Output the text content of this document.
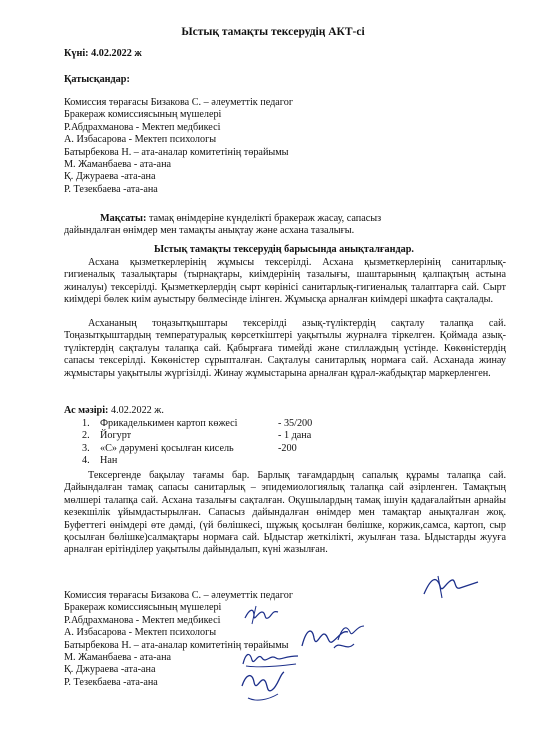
Ыстық тамақты тексерудің АКТ-сі
Күні: 4.02.2022 ж
Қатысқандар:
Комиссия төрағасы Бизакова С. – әлеуметтік педагог
Бракераж комиссиясының мүшелері
Р.Абдрахманова - Мектеп медбикесі
А. Избасарова - Мектеп психологы
Батырбекова Н. – ата-аналар комитетінің төрайымы
М. Жаманбаева - ата-ана
Қ. Джураева -ата-ана
Р. Тезекбаева -ата-ана
Мақсаты: тамақ өнімдеріне күнделікті бракераж жасау, сапасыз
дайындалған өнімдер мен тамақты анықтау және асхана тазалығы.
Ыстық тамақты тексерудің барысында анықталғандар.
Асхана қызметкерлерінің жұмысы тексерілді. Асхана қызметкерлерінің санитарлық-гигиеналық тазалықтары (тырнақтары, киімдерінің тазалығы, шаштарының қалпақтың астына жиналуы) тексерілді. Қызметкерлердің сырт көрінісі санитарлық-гигиеналық талаптарға сай. Сырт киімдері бөлек киім ауыстыру бөлмесінде ілінген. Жұмысқа арналған киімдері шкафта сақталады.
Асхананың тоңазытқыштары тексерілді азық-түліктердің сақталу талапқа сай. Тоңазытқыштардың температуралық көрсеткіштері уақытылы журналға тіркелген. Қоймада азық-түліктердің сақталуы талапқа сай. Қабырғаға тимейді және стиллаждың үстінде. Көкөністердің сапасы тексерілді. Көкөністер сұрыпталған. Сақталуы санитарлық нормаға сай. Асханада жинау жұмыстары уақытылы жүргізілді. Жинау жұмыстарына арналған құрал-жабдықтар маркерленген.
Ас мәзірі: 4.02.2022 ж.
1. Фрикаделькимен картоп көжесі	- 35/200
2. Йогурт	- 1 дана
3. «С» дәруменi қосылған кисель	-200
4. Нан
Тексергенде бақылау тағамы бар. Барлық тағамдардың сапалық құрамы талапқа сай. Дайындалған тамақ сапасы санитарлық – эпидемиологиялық талапқа сай әзірленген. Тамақтың мөлшері талапқа сай. Асхана тазалығы сақталған. Оқушылардың тамақ ішуін қадағалайтын арнайы кезекшілік ұйымдастырылған. Сапасыз дайындалған өнімдер мен тамақтар анықталған жоқ. Буфеттегі өнімдері өте дәмді, (үй бөлішкесі, шұжық қосылған бөлішке, коржик,самса, картоп, сыр қосылған бөлішке)салмақтары нормаға сай. Ыдыстар жеткілікті, жуылған таза. Ыдыстарды жууға арналған ерітінділер уақытылы дайындалып, күні жазылған.
Комиссия төрағасы Бизакова С. – әлеуметтік педагог
Бракераж комиссиясының мүшелері
Р.Абдрахманова - Мектеп медбикесі
А. Избасарова - Мектеп психологы
Батырбекова Н. – ата-аналар комитетінің төрайымы
М. Жаманбаева - ата-ана
Қ. Джураева -ата-ана
Р. Тезекбаева -ата-ана
